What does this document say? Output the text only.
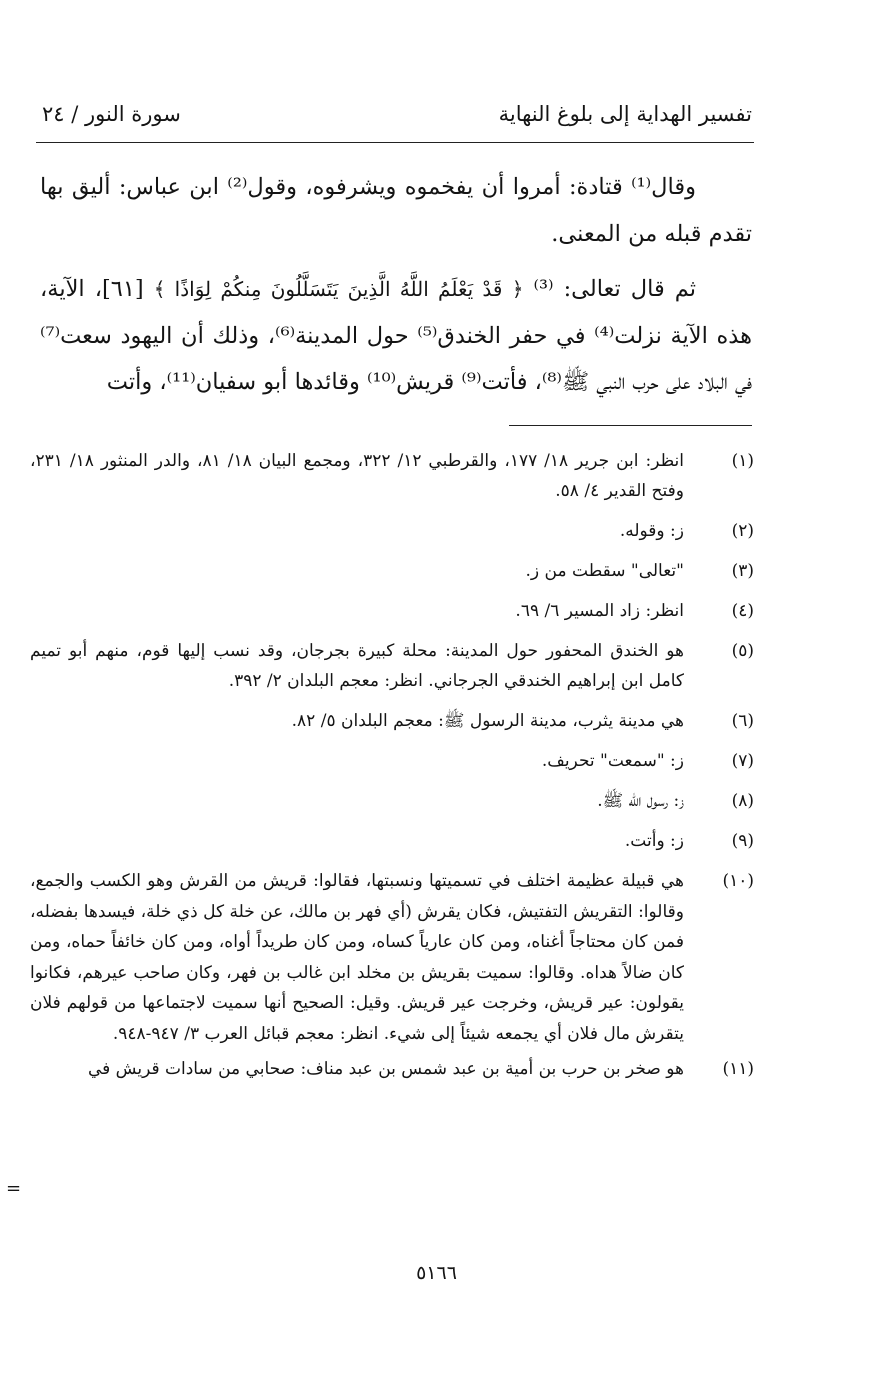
تفسير الهداية إلى بلوغ النهاية
سورة النور / ٢٤

وقال⁽¹⁾ قتادة: أمروا أن يفخموه ويشرفوه، وقول⁽²⁾ ابن عباس: أليق بها تقدم قبله من المعنى.

ثم قال تعالى: ⁽³⁾ ﴿ قَدْ يَعْلَمُ اللَّهُ الَّذِينَ يَتَسَلَّلُونَ مِنكُمْ لِوَاذًا ﴾ [٦١]، الآية، هذه الآية نزلت⁽⁴⁾ في حفر الخندق⁽⁵⁾ حول المدينة⁽⁶⁾، وذلك أن اليهود سعت⁽⁷⁾ في البلاد على حرب النبي ﷺ⁽⁸⁾، فأتت⁽⁹⁾ قريش⁽¹⁰⁾ وقائدها أبو سفيان⁽¹¹⁾، وأتت

(١)
انظر: ابن جرير ١٨/ ١٧٧، والقرطبي ١٢/ ٣٢٢، ومجمع البيان ١٨/ ٨١، والدر المنثور ١٨/ ٢٣١، وفتح القدير ٤/ ٥٨.
(٢)
ز: وقوله.
(٣)
"تعالى" سقطت من ز.
(٤)
انظر: زاد المسير ٦/ ٦٩.
(٥)
هو الخندق المحفور حول المدينة: محلة كبيرة بجرجان، وقد نسب إليها قوم، منهم أبو تميم كامل ابن إبراهيم الخندقي الجرجاني. انظر: معجم البلدان ٢/ ٣٩٢.
(٦)
هي مدينة يثرب، مدينة الرسول ﷺ: معجم البلدان ٥/ ٨٢.
(٧)
ز: "سمعت" تحريف.
(٨)
ز: رسول الله ﷺ.
(٩)
ز: وأتت.
(١٠)
هي قبيلة عظيمة اختلف في تسميتها ونسبتها، فقالوا: قريش من القرش وهو الكسب والجمع، وقالوا: التقريش التفتيش، فكان يقرش (أي فهر بن مالك، عن خلة كل ذي خلة، فيسدها بفضله، فمن كان محتاجاً أغناه، ومن كان عارياً كساه، ومن كان طريداً أواه، ومن كان خائفاً حماه، ومن كان ضالاً هداه. وقالوا: سميت بقريش بن مخلد ابن غالب بن فهر، وكان صاحب عيرهم، فكانوا يقولون: عير قريش، وخرجت عير قريش. وقيل: الصحيح أنها سميت لاجتماعها من قولهم فلان يتقرش مال فلان أي يجمعه شيئاً إلى شيء. انظر: معجم قبائل العرب ٣/ ٩٤٧-٩٤٨.
(١١)
هو صخر بن حرب بن أمية بن عبد شمس بن عبد مناف: صحابي من سادات قريش في
=
٥١٦٦
